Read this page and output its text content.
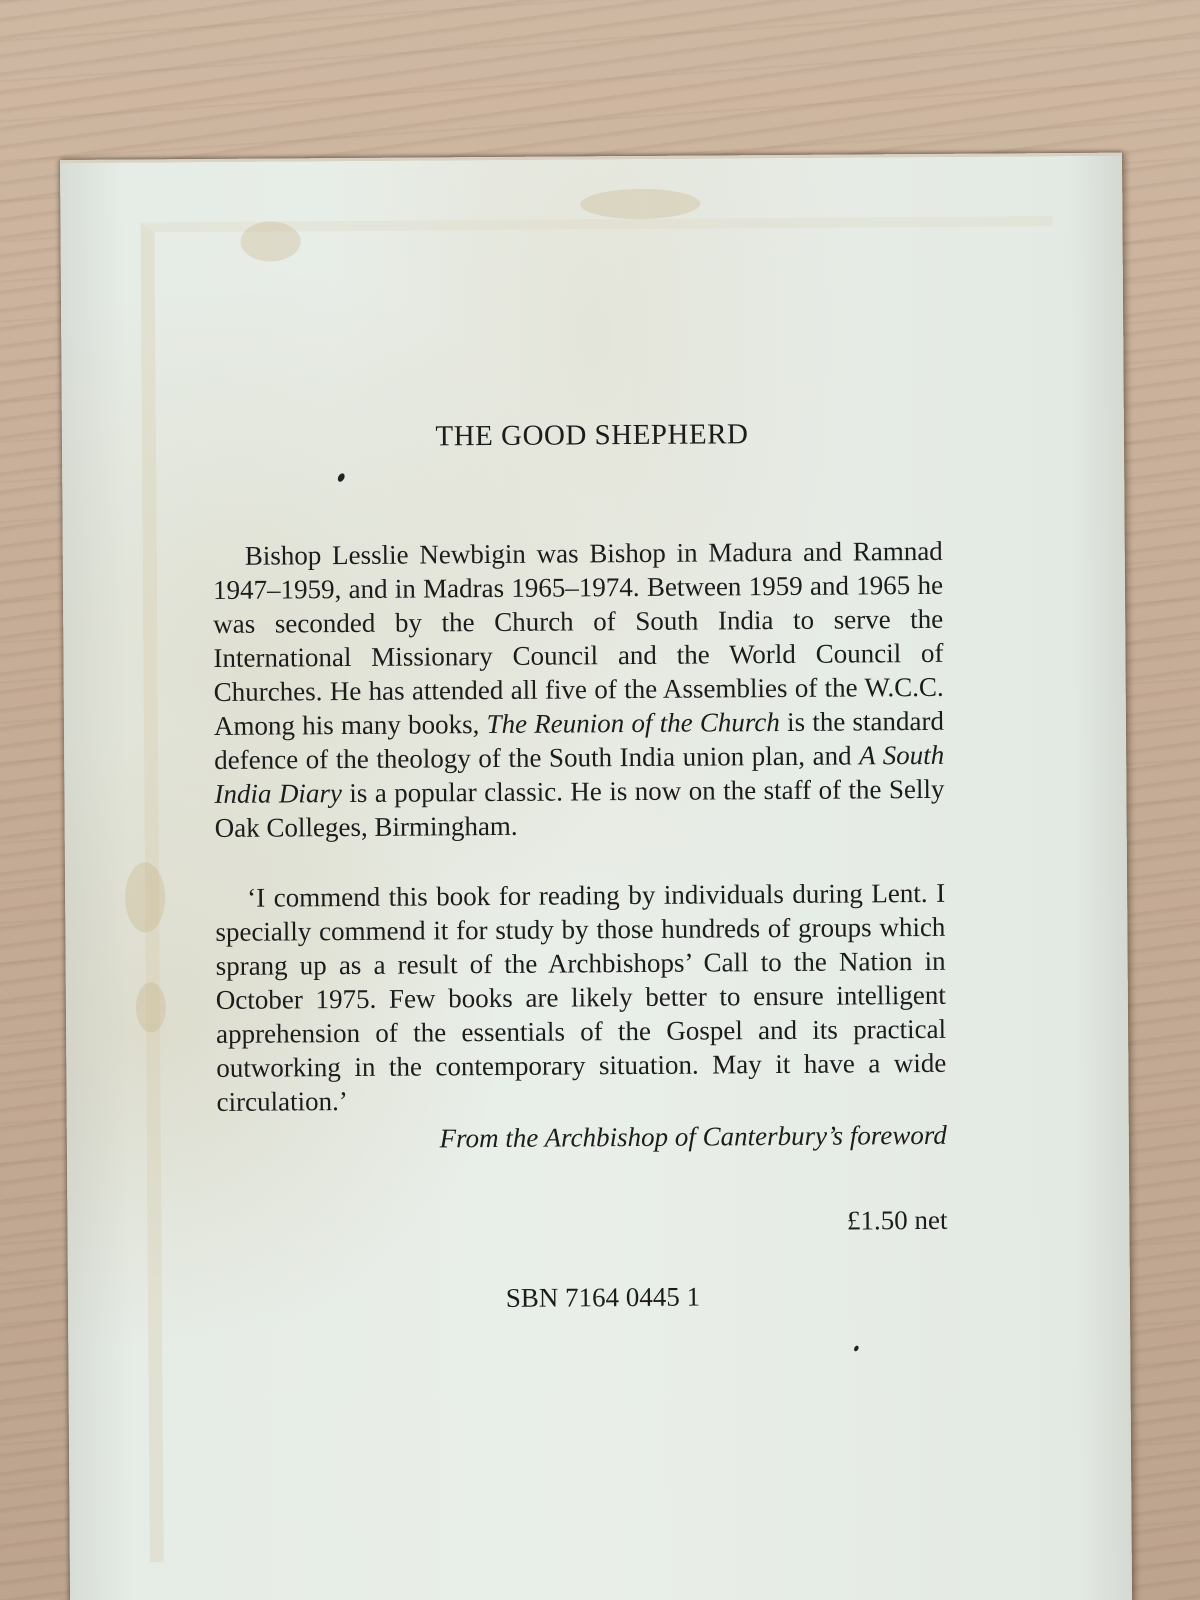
THE GOOD SHEPHERD

Bishop Lesslie Newbigin was Bishop in Madura and Ramnad 1947–1959, and in Madras 1965–1974. Between 1959 and 1965 he was seconded by the Church of South India to serve the International Missionary Council and the World Council of Churches. He has attended all five of the Assemblies of the W.C.C. Among his many books, The Reunion of the Church is the standard defence of the theology of the South India union plan, and A South India Diary is a popular classic. He is now on the staff of the Selly Oak Colleges, Birmingham.

‘I commend this book for reading by individuals during Lent. I specially commend it for study by those hundreds of groups which sprang up as a result of the Archbishops’ Call to the Nation in October 1975. Few books are likely better to ensure intelligent apprehension of the essentials of the Gospel and its practical outworking in the contemporary situation. May it have a wide circulation.’

From the Archbishop of Canterbury’s foreword
£1.50 net
SBN 7164 0445 1
